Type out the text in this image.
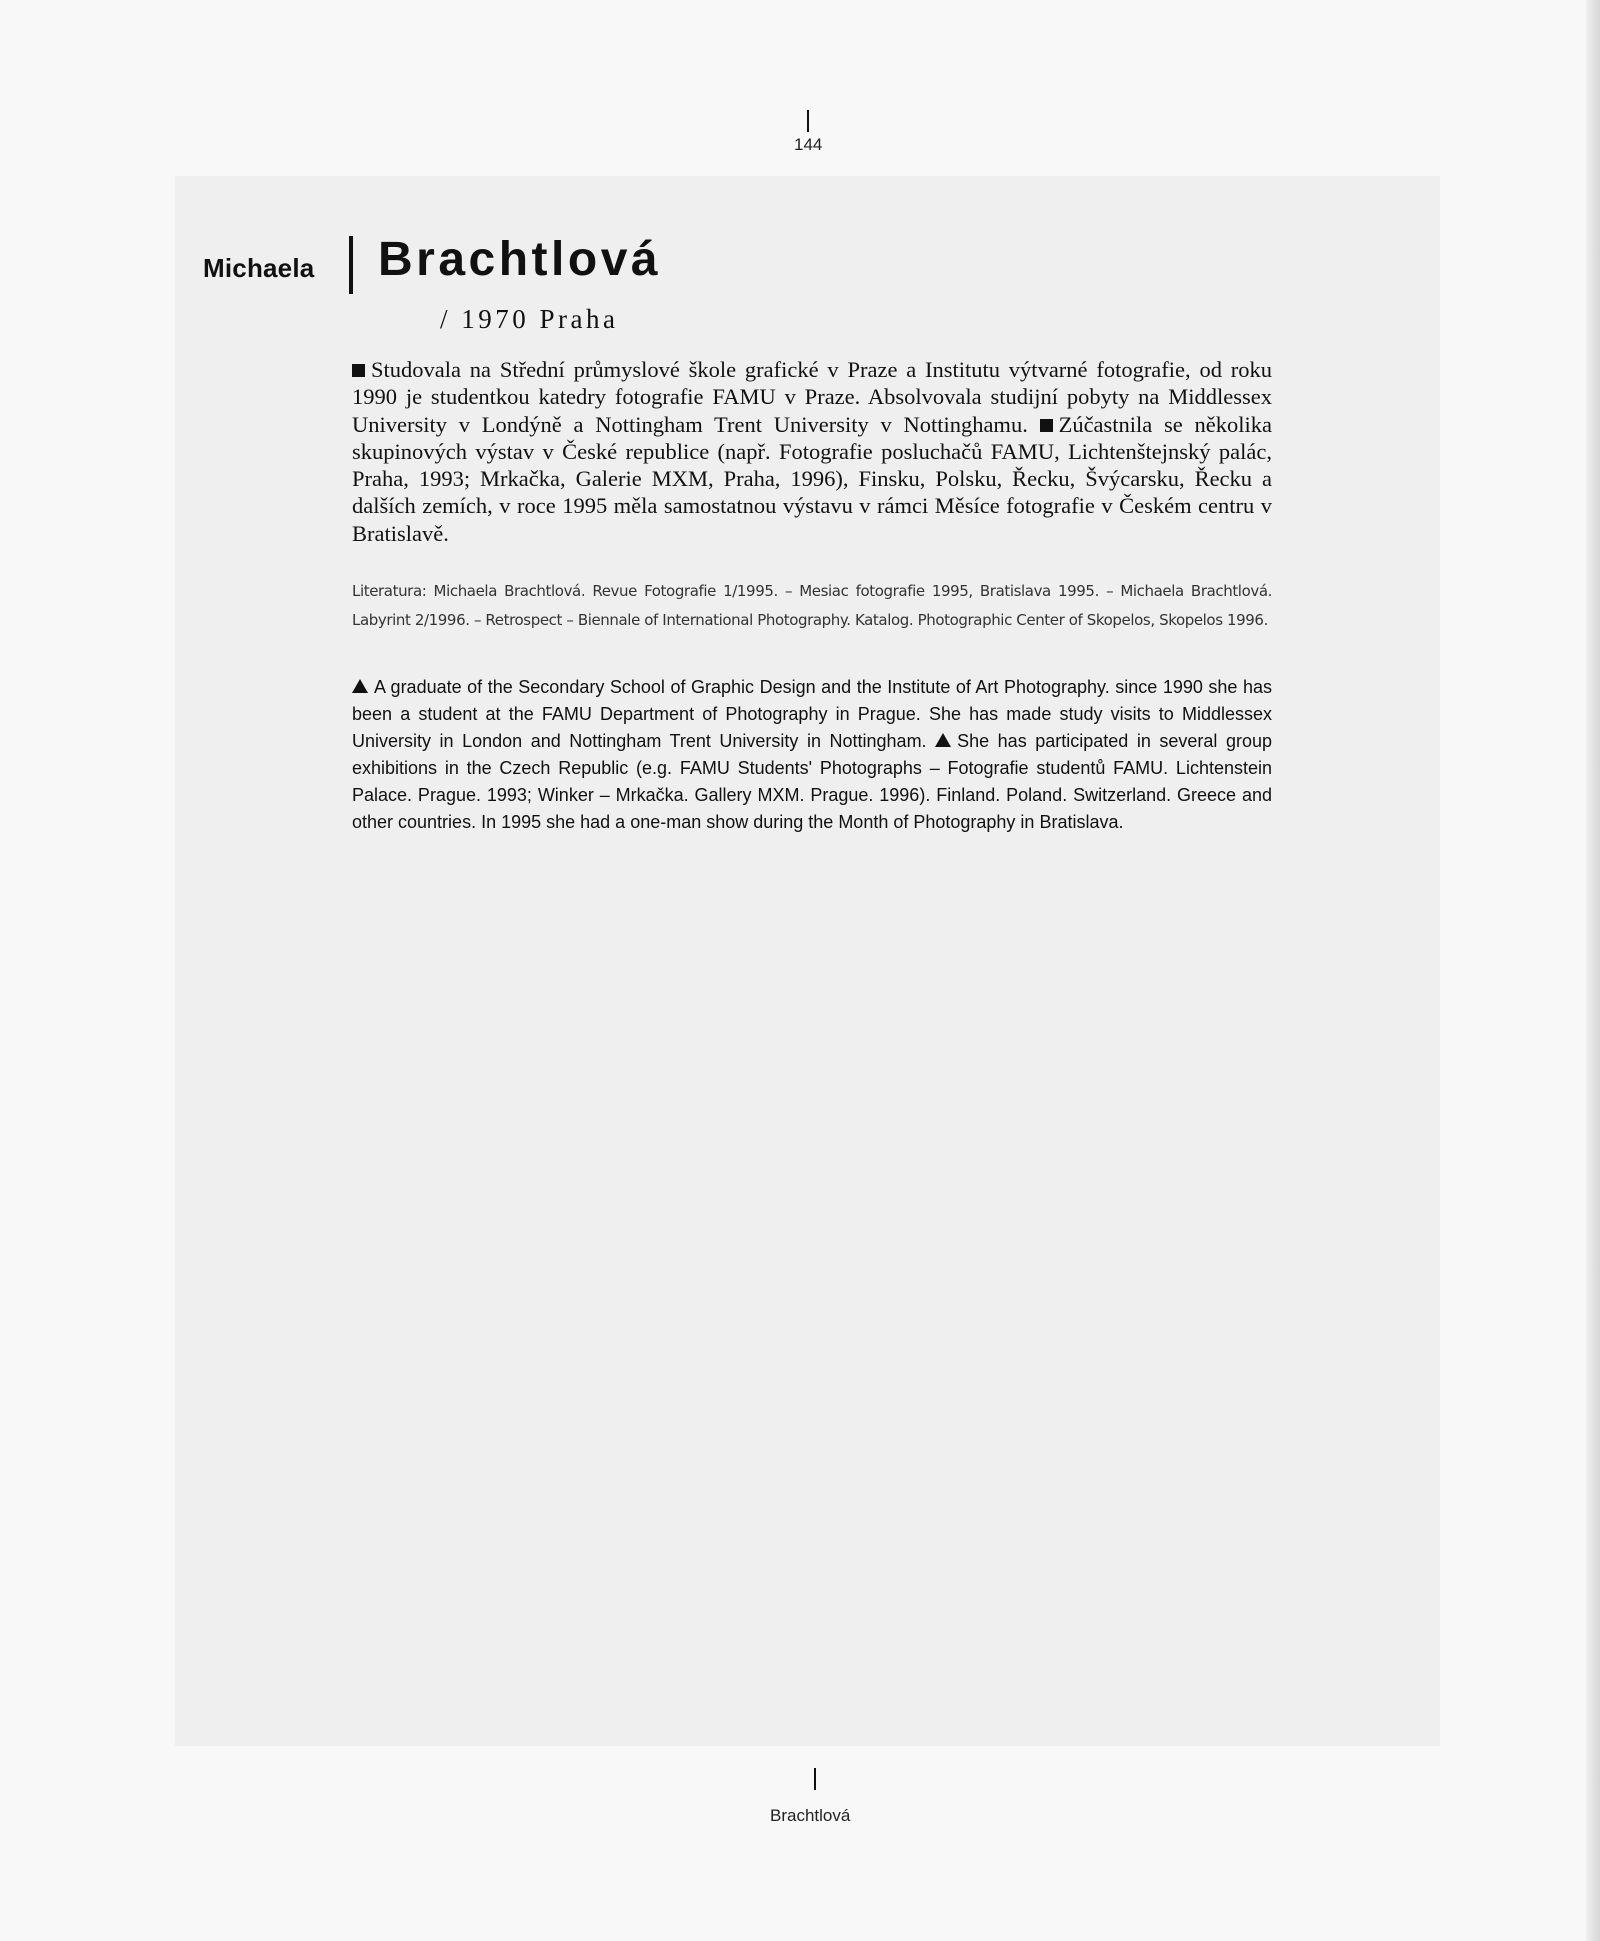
144
Michaela Brachtlová
/ 1970 Praha
Studovala na Střední průmyslové škole grafické v Praze a Institutu výtvarné fotografie, od roku 1990 je studentkou katedry fotografie FAMU v Praze. Absolvovala studijní pobyty na Middlessex University v Londýně a Nottingham Trent University v Nottinghamu. Zúčastnila se několika skupinových výstav v České republice (např. Fotografie posluchačů FAMU, Lichtenštejnský palác, Praha, 1993; Mrkačka, Galerie MXM, Praha, 1996), Finsku, Polsku, Řecku, Švýcarsku, Řecku a dalších zemích, v roce 1995 měla samostatnou výstavu v rámci Měsíce fotografie v Českém centru v Bratislavě.
Literatura: Michaela Brachtlová. Revue Fotografie 1/1995. – Mesiac fotografie 1995, Bratislava 1995. – Michaela Brachtlová. Labyrint 2/1996. – Retrospect – Biennale of International Photography. Katalog. Photographic Center of Skopelos, Skopelos 1996.
A graduate of the Secondary School of Graphic Design and the Institute of Art Photography. since 1990 she has been a student at the FAMU Department of Photography in Prague. She has made study visits to Middlessex University in London and Nottingham Trent University in Nottingham. She has participated in several group exhibitions in the Czech Republic (e.g. FAMU Students' Photographs – Fotografie studentů FAMU. Lichtenstein Palace. Prague. 1993; Winker – Mrkačka. Gallery MXM. Prague. 1996). Finland. Poland. Switzerland. Greece and other countries. In 1995 she had a one-man show during the Month of Photography in Bratislava.
Brachtlová
